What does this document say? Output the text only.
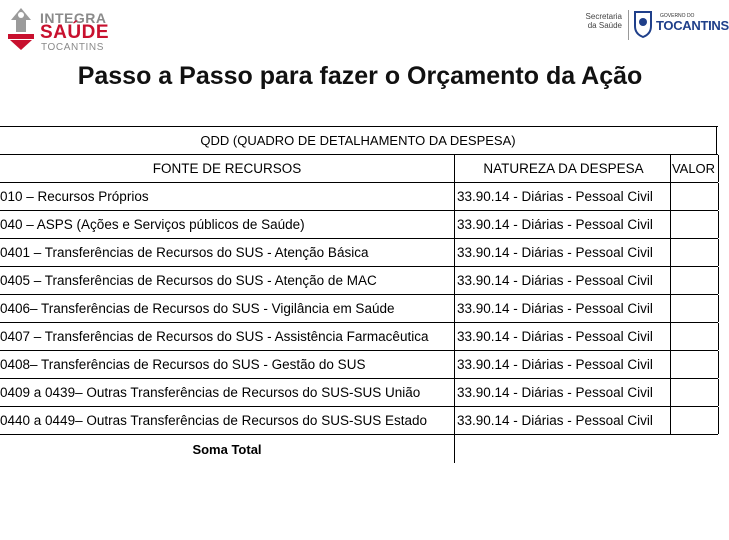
INTEGRA
SAÚDE
TOCANTINS
Secretaria da Saúde
GOVERNO DO
TOCANTINS
Passo a Passo para fazer o Orçamento da Ação
QDD (QUADRO DE DETALHAMENTO DA DESPESA)
FONTE DE RECURSOS	NATUREZA DA DESPESA	VALOR
010 – Recursos Próprios	33.90.14 - Diárias - Pessoal Civil
040 – ASPS (Ações e Serviços públicos de Saúde)	33.90.14 - Diárias - Pessoal Civil
0401 – Transferências de Recursos do SUS - Atenção Básica	33.90.14 - Diárias - Pessoal Civil
0405 – Transferências de Recursos do SUS - Atenção de MAC	33.90.14 - Diárias - Pessoal Civil
0406– Transferências de Recursos do SUS - Vigilância em Saúde	33.90.14 - Diárias - Pessoal Civil
0407 – Transferências de Recursos do SUS - Assistência Farmacêutica	33.90.14 - Diárias - Pessoal Civil
0408– Transferências de Recursos do SUS - Gestão do SUS	33.90.14 - Diárias - Pessoal Civil
0409 a 0439– Outras Transferências de Recursos do SUS-SUS União	33.90.14 - Diárias - Pessoal Civil
0440 a 0449– Outras Transferências de Recursos do SUS-SUS Estado	33.90.14 - Diárias - Pessoal Civil
Soma Total
